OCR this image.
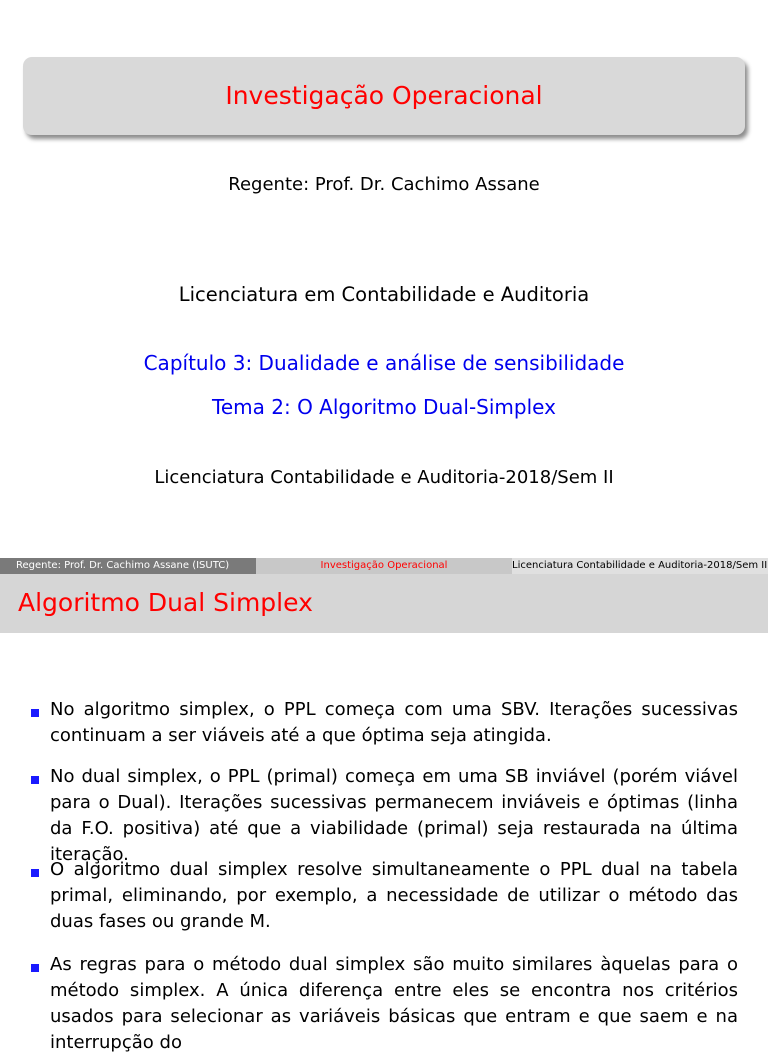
Investigação Operacional
Regente: Prof. Dr. Cachimo Assane
Licenciatura em Contabilidade e Auditoria
Capítulo 3: Dualidade e análise de sensibilidade
Tema 2: O Algoritmo Dual-Simplex
Licenciatura Contabilidade e Auditoria-2018/Sem II
Regente: Prof. Dr. Cachimo Assane (ISUTC)	Investigação Operacional	Licenciatura Contabilidade e Auditoria-2018/Sem II
Algoritmo Dual Simplex
No algoritmo simplex, o PPL começa com uma SBV. Iterações sucessivas continuam a ser viáveis até a que óptima seja atingida.
No dual simplex, o PPL (primal) começa em uma SB inviável (porém viável para o Dual). Iterações sucessivas permanecem inviáveis e óptimas (linha da F.O. positiva) até que a viabilidade (primal) seja restaurada na última iteração.
O algoritmo dual simplex resolve simultaneamente o PPL dual na tabela primal, eliminando, por exemplo, a necessidade de utilizar o método das duas fases ou grande M.
As regras para o método dual simplex são muito similares àquelas para o método simplex. A única diferença entre eles se encontra nos critérios usados para selecionar as variáveis básicas que entram e que saem e na interrupção do
